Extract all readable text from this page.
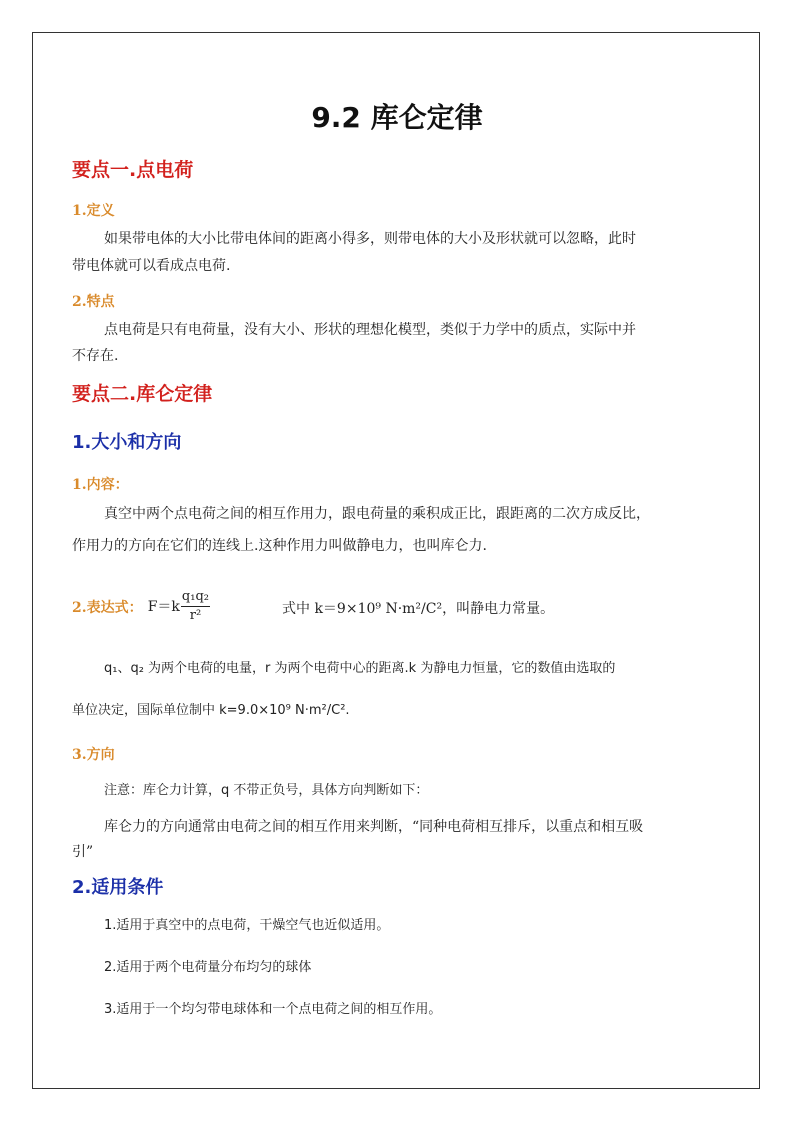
9.2 库仑定律
要点一.点电荷
1.定义
如果带电体的大小比带电体间的距离小得多，则带电体的大小及形状就可以忽略，此时
带电体就可以看成点电荷.
2.特点
点电荷是只有电荷量，没有大小、形状的理想化模型，类似于力学中的质点，实际中并
不存在.
要点二.库仑定律
1.大小和方向
1.内容：
真空中两个点电荷之间的相互作用力，跟电荷量的乘积成正比，跟距离的二次方成反比，
作用力的方向在它们的连线上.这种作用力叫做静电力，也叫库仑力.
2.表达式： $F=k \frac{\text{q₁q₂}}{\text{r²}}$	式中 k＝9×10⁹ N·m²/C²，叫静电力常量。
q₁、q₂ 为两个电荷的电量，r 为两个电荷中心的距离.k 为静电力恒量，它的数值由选取的
单位决定，国际单位制中 k=9.0×10⁹ N·m²/C².
3.方向
注意：库仑力计算，q 不带正负号，具体方向判断如下：
库仑力的方向通常由电荷之间的相互作用来判断，“同种电荷相互排斥，以重点和相互吸
引”
2.适用条件
1.适用于真空中的点电荷，干燥空气也近似适用。
2.适用于两个电荷量分布均匀的球体
3.适用于一个均匀带电球体和一个点电荷之间的相互作用。
